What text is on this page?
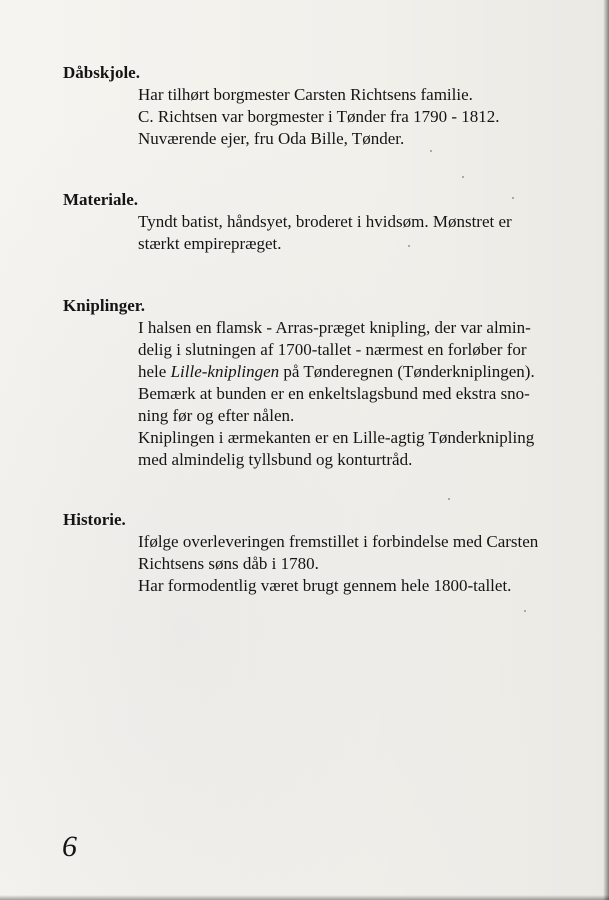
Dåbskjole.
Har tilhørt borgmester Carsten Richtsens familie.
C. Richtsen var borgmester i Tønder fra 1790 - 1812.
Nuværende ejer, fru Oda Bille, Tønder.
Materiale.
Tyndt batist, håndsyet, broderet i hvidsøm. Mønstret er
stærkt empirepræget.
Kniplinger.
I halsen en flamsk - Arras-præget knipling, der var almin-
delig i slutningen af 1700-tallet - nærmest en forløber for
hele Lille-kniplingen på Tønderegnen (Tønderkniplingen).
Bemærk at bunden er en enkeltslagsbund med ekstra sno-
ning før og efter nålen.
Kniplingen i ærmekanten er en Lille-agtig Tønderknipling
med almindelig tyllsbund og konturtråd.
Historie.
Ifølge overleveringen fremstillet i forbindelse med Carsten
Richtsens søns dåb i 1780.
Har formodentlig været brugt gennem hele 1800-tallet.
6
